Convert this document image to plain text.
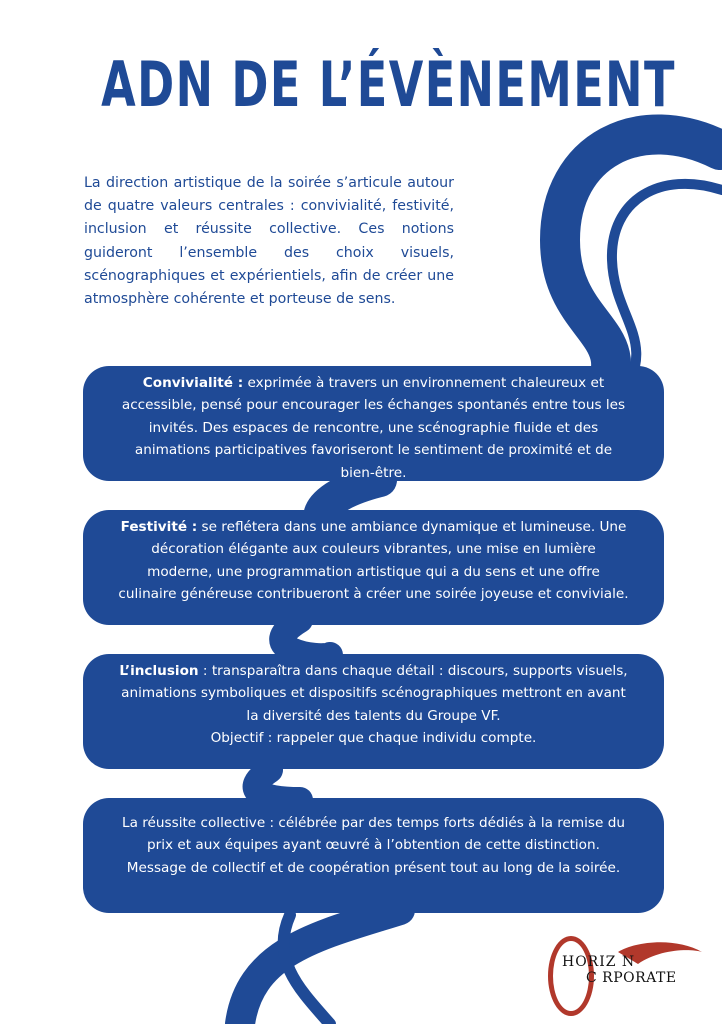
ADN DE L’ÉVÈNEMENT
La direction artistique de la soirée s’articule autour de quatre valeurs centrales : convivialité, festivité, inclusion et réussite collective. Ces notions guideront l’ensemble des choix visuels, scénographiques et expérientiels, afin de créer une atmosphère cohérente et porteuse de sens.
Convivialité : exprimée à travers un environnement chaleureux et accessible, pensé pour encourager les échanges spontanés entre tous les invités. Des espaces de rencontre, une scénographie fluide et des animations participatives favoriseront le sentiment de proximité et de bien-être.
Festivité : se reflétera dans une ambiance dynamique et lumineuse. Une décoration élégante aux couleurs vibrantes, une mise en lumière moderne, une programmation artistique qui a du sens et une offre culinaire généreuse contribueront à créer une soirée joyeuse et conviviale.
L’inclusion : transparaîtra dans chaque détail : discours, supports visuels, animations symboliques et dispositifs scénographiques mettront en avant la diversité des talents du Groupe VF.
Objectif : rappeler que chaque individu compte.
La réussite collective : célébrée par des temps forts dédiés à la remise du prix et aux équipes ayant œuvré à l’obtention de cette distinction. Message de collectif et de coopération présent tout au long de la soirée.
HORIZ N
C RPORATE
